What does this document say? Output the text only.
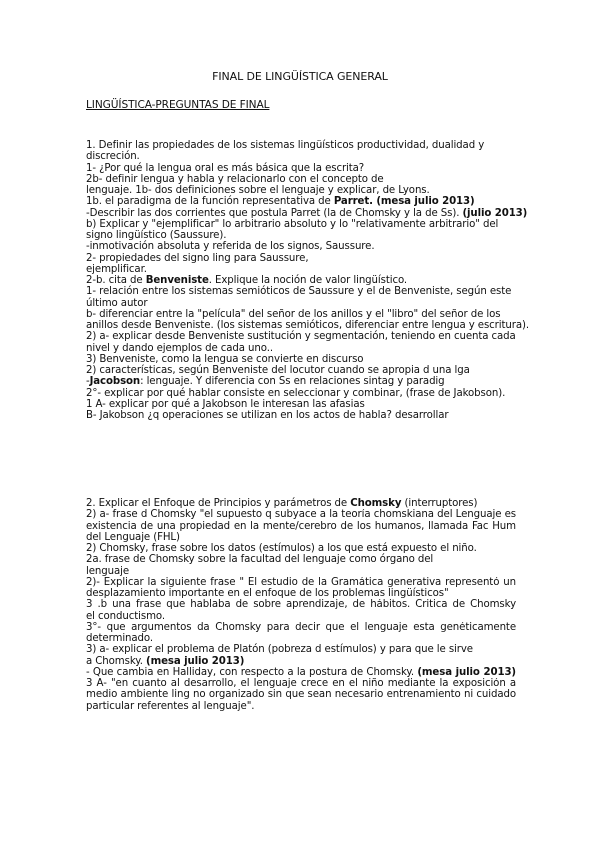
FINAL DE LINGÜÍSTICA GENERAL
LINGÜÍSTICA-PREGUNTAS DE FINAL
1. Definir las propiedades de los sistemas lingüísticos productividad, dualidad y
discreción.
1- ¿Por qué la lengua oral es más básica que la escrita?
2b- definir lengua y habla y relacionarlo con el concepto de
lenguaje. 1b- dos definiciones sobre el lenguaje y explicar, de Lyons.
1b. el paradigma de la función representativa de Parret. (mesa julio 2013)
-Describir las dos corrientes que postula Parret (la de Chomsky y la de Ss). (julio 2013)
b) Explicar y "ejemplificar" lo arbitrario absoluto y lo "relativamente arbitrario" del
signo lingüístico (Saussure).
-inmotivación absoluta y referida de los signos, Saussure.
2- propiedades del signo ling para Saussure,
ejemplificar.
2-b. cita de Benveniste. Explique la noción de valor lingüístico.
1- relación entre los sistemas semióticos de Saussure y el de Benveniste, según este
último autor
b- diferenciar entre la "película" del señor de los anillos y el "libro" del señor de los
anillos desde Benveniste. (los sistemas semióticos, diferenciar entre lengua y escritura).
2) a- explicar desde Benveniste sustitución y segmentación, teniendo en cuenta cada
nivel y dando ejemplos de cada uno..
3) Benveniste, como la lengua se convierte en discurso
2) características, según Benveniste del locutor cuando se apropia d una lga
-Jacobson: lenguaje. Y diferencia con Ss en relaciones sintag y paradig
2°- explicar por qué hablar consiste en seleccionar y combinar, (frase de Jakobson).
1 A- explicar por qué a Jakobson le interesan las afasias
B- Jakobson ¿q operaciones se utilizan en los actos de habla? desarrollar
2. Explicar el Enfoque de Principios y parámetros de Chomsky (interruptores)
2) a- frase d Chomsky "el supuesto q subyace a la teoría chomskiana del Lenguaje es
existencia de una propiedad en la mente/cerebro de los humanos, llamada Fac Hum
del Lenguaje (FHL)
2) Chomsky, frase sobre los datos (estímulos) a los que está expuesto el niño.
2a. frase de Chomsky sobre la facultad del lenguaje como órgano del
lenguaje
2)- Explicar la siguiente frase " El estudio de la Gramática generativa representó un
desplazamiento importante en el enfoque de los problemas lingüísticos"
3 .b una frase que hablaba de sobre aprendizaje, de hábitos. Critica de Chomsky
el conductismo.
3°- que argumentos da Chomsky para decir que el lenguaje esta genéticamente
determinado.
3) a- explicar el problema de Platón (pobreza d estímulos) y para que le sirve
a Chomsky. (mesa julio 2013)
- Que cambia en Halliday, con respecto a la postura de Chomsky. (mesa julio 2013)
3 A- "en cuanto al desarrollo, el lenguaje crece en el niño mediante la exposición a
medio ambiente ling no organizado sin que sean necesario entrenamiento ni cuidado
particular referentes al lenguaje".
